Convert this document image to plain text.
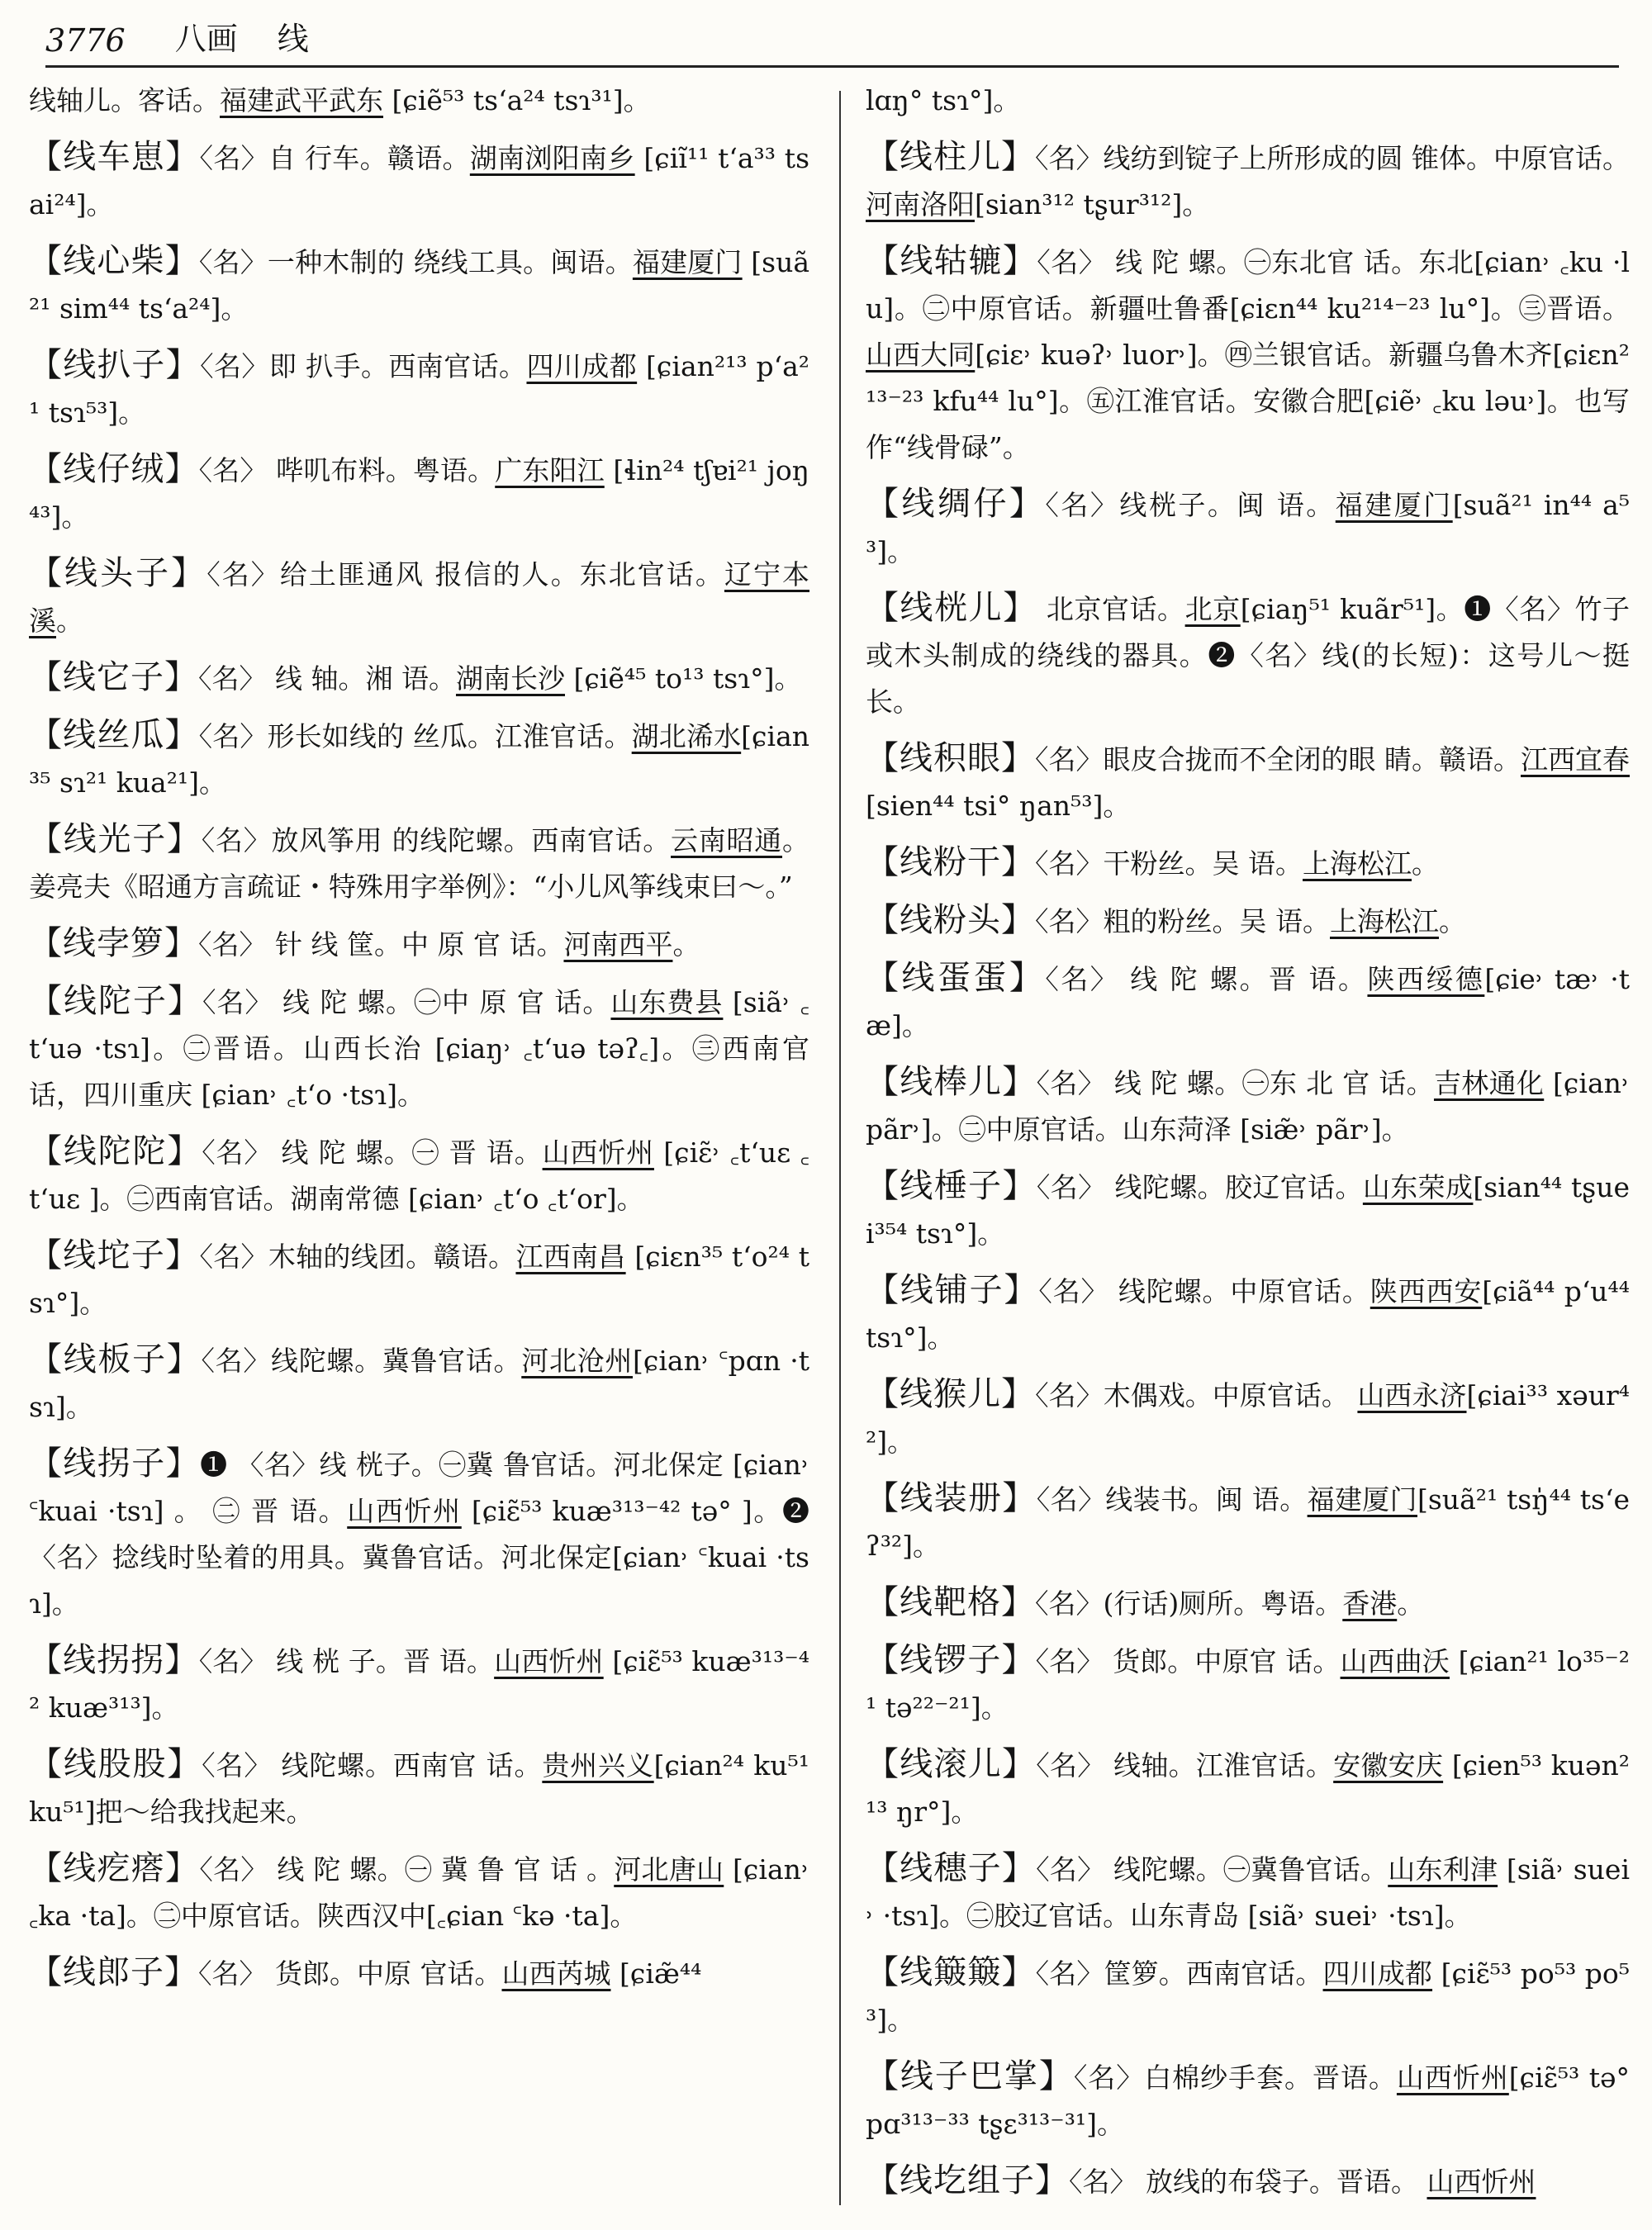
3776 八画 线

线轴儿。客话。福建武平武东 [ɕiẽ⁵³ ts‘a²⁴ tsɿ³¹]。

【线车崽】〈名〉自 行车。赣语。湖南浏阳南乡 [ɕiĩ¹¹ t‘a³³ tsai²⁴]。

【线心柴】〈名〉一种木制的 绕线工具。闽语。福建厦门 [suã²¹ sim⁴⁴ ts‘a²⁴]。

【线扒子】〈名〉即 扒手。西南官话。四川成都 [ɕian²¹³ p‘a²¹ tsɿ⁵³]。

【线仔绒】〈名〉 哔叽布料。粤语。广东阳江 [ɬin²⁴ tʃɐi²¹ joŋ⁴³]。

【线头子】〈名〉给土匪通风 报信的人。东北官话。辽宁本溪。

【线它子】〈名〉 线 轴。湘 语。湖南长沙 [ɕiẽ⁴⁵ to¹³ tsɿ°]。

【线丝瓜】〈名〉形长如线的 丝瓜。江淮官话。湖北浠水[ɕian³⁵ sɿ²¹ kua²¹]。

【线光子】〈名〉放风筝用 的线陀螺。西南官话。云南昭通。姜亮夫《昭通方言疏证・特殊用字举例》：“小儿风筝线束曰～。”

【线孛箩】〈名〉 针 线 筐。中 原 官 话。河南西平。

【线陀子】〈名〉 线 陀 螺。㊀中 原 官 话。山东费县 [siã˒ ꜀t‘uə ·tsɿ]。㊁晋语。山西长治 [ɕiaŋ˒ ꜀t‘uə təʔ꜀]。㊂西南官话，四川重庆 [ɕian˒ ꜀t‘o ·tsɿ]。

【线陀陀】〈名〉 线 陀 螺。㊀ 晋 语。山西忻州 [ɕiɛ̃˒ ꜀t‘uɛ ꜀t‘uɛ ]。㊁西南官话。湖南常德 [ɕian˒ ꜀t‘o ꜀t‘or]。

【线坨子】〈名〉木轴的线团。赣语。江西南昌 [ɕiɛn³⁵ t‘o²⁴ tsɿ°]。

【线板子】〈名〉线陀螺。冀鲁官话。河北沧州[ɕian˒ ꜂pɑn ·tsɿ]。

【线拐子】❶ 〈名〉线 桄子。㊀冀 鲁官话。河北保定 [ɕian˒ ꜂kuai ·tsɿ] 。 ㊁ 晋 语。山西忻州 [ɕiɛ̃⁵³ kuæ³¹³⁻⁴² tə° ]。❷〈名〉捻线时坠着的用具。冀鲁官话。河北保定[ɕian˒ ꜂kuai ·tsɿ]。

【线拐拐】〈名〉 线 桄 子。晋 语。山西忻州 [ɕiɛ̃⁵³ kuæ³¹³⁻⁴² kuæ³¹³]。

【线股股】〈名〉 线陀螺。西南官 话。贵州兴义[ɕian²⁴ ku⁵¹ ku⁵¹]把～给我找起来。

【线疙瘩】〈名〉 线 陀 螺。㊀ 冀 鲁 官 话 。河北唐山 [ɕian˒ ꜀ka ·ta]。㊁中原官话。陕西汉中[꜀ɕian ꜂kə ·ta]。

【线郎子】〈名〉 货郎。中原 官话。山西芮城 [ɕiæ̃⁴⁴

lɑŋ° tsɿ°]。

【线柱儿】〈名〉线纺到锭子上所形成的圆 锥体。中原官话。河南洛阳[sian³¹² tʂur³¹²]。

【线轱辘】〈名〉 线 陀 螺。㊀东北官 话。东北[ɕian˒ ꜀ku ·lu]。㊁中原官话。新疆吐鲁番[ɕiɛn⁴⁴ ku²¹⁴⁻²³ lu°]。㊂晋语。山西大同[ɕiɛ˒ kuəʔ˒ luor˒]。㊃兰银官话。新疆乌鲁木齐[ɕiɛn²¹³⁻²³ kfu⁴⁴ lu°]。㊄江淮官话。安徽合肥[ɕiẽ˒ ꜀ku ləu˒]。也写作“线骨碌”。

【线绸仔】〈名〉线桄子。闽 语。福建厦门[suã²¹ in⁴⁴ a⁵³]。

【线桄儿】 北京官话。北京[ɕiaŋ⁵¹ kuãr⁵¹]。❶〈名〉竹子或木头制成的绕线的器具。❷〈名〉线(的长短)：这号儿～挺长。

【线积眼】〈名〉眼皮合拢而不全闭的眼 睛。赣语。江西宜春[sien⁴⁴ tsi° ŋan⁵³]。

【线粉干】〈名〉干粉丝。吴 语。上海松江。

【线粉头】〈名〉粗的粉丝。吴 语。上海松江。

【线蛋蛋】〈名〉 线 陀 螺。晋 语。陕西绥德[ɕie˒ tæ˒ ·tæ]。

【线棒儿】〈名〉 线 陀 螺。㊀东 北 官 话。吉林通化 [ɕian˒ pãr˒]。㊁中原官话。山东菏泽 [siæ̃˒ pãr˒]。

【线棰子】〈名〉 线陀螺。胶辽官话。山东荣成[sian⁴⁴ tʂuei³⁵⁴ tsɿ°]。

【线铺子】〈名〉 线陀螺。中原官话。陕西西安[ɕiã⁴⁴ p‘u⁴⁴ tsɿ°]。

【线猴儿】〈名〉木偶戏。中原官话。 山西永济[ɕiai³³ xəur⁴²]。

【线装册】〈名〉线装书。闽 语。福建厦门[suã²¹ tsŋ̍⁴⁴ ts‘eʔ³²]。

【线靶格】〈名〉(行话)厕所。粤语。香港。

【线锣子】〈名〉 货郎。中原官 话。山西曲沃 [ɕian²¹ lo³⁵⁻²¹ tə²²⁻²¹]。

【线滚儿】〈名〉 线轴。江淮官话。安徽安庆 [ɕien⁵³ kuən²¹³ ŋr°]。

【线穗子】〈名〉 线陀螺。㊀冀鲁官话。山东利津 [siã˒ suei˒ ·tsɿ]。㊁胶辽官话。山东青岛 [siã˒ suei˒ ·tsɿ]。

【线簸簸】〈名〉筐箩。西南官话。四川成都 [ɕiɛ̃⁵³ po⁵³ po⁵³]。

【线子巴掌】〈名〉白棉纱手套。晋语。山西忻州[ɕiɛ̃⁵³ tə° pɑ³¹³⁻³³ tʂɛ³¹³⁻³¹]。

【线圪组子】〈名〉 放线的布袋子。晋语。 山西忻州
